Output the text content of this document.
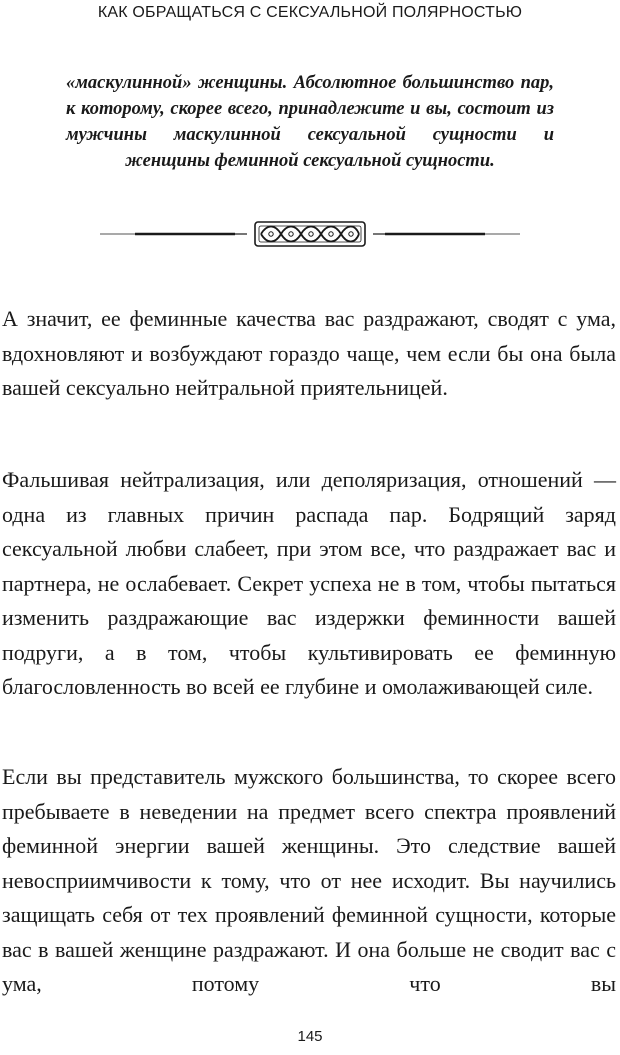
КАК ОБРАЩАТЬСЯ С СЕКСУАЛЬНОЙ ПОЛЯРНОСТЬЮ
«маскулинной» женщины. Абсолютное большинство пар, к которому, скорее всего, принадлежите и вы, состоит из мужчины маскулинной сексуальной сущности и женщины феминной сексуальной сущности.
А значит, ее феминные качества вас раздражают, сводят с ума, вдохновляют и возбуждают гораздо чаще, чем если бы она была вашей сексуально нейтральной приятельницей.
Фальшивая нейтрализация, или деполяризация, отношений — одна из главных причин распада пар. Бодрящий заряд сексуальной любви слабеет, при этом все, что раздражает вас и партнера, не ослабевает. Секрет успеха не в том, чтобы пытаться изменить раздражающие вас издержки феминности вашей подруги, а в том, чтобы культивировать ее феминную благословленность во всей ее глубине и омолаживающей силе.
Если вы представитель мужского большинства, то скорее всего пребываете в неведении на предмет всего спектра проявлений феминной энергии вашей женщины. Это следствие вашей невосприимчивости к тому, что от нее исходит. Вы научились защищать себя от тех проявлений феминной сущности, которые вас в вашей женщине раздражают. И она больше не сводит вас с ума, потому что вы
145
